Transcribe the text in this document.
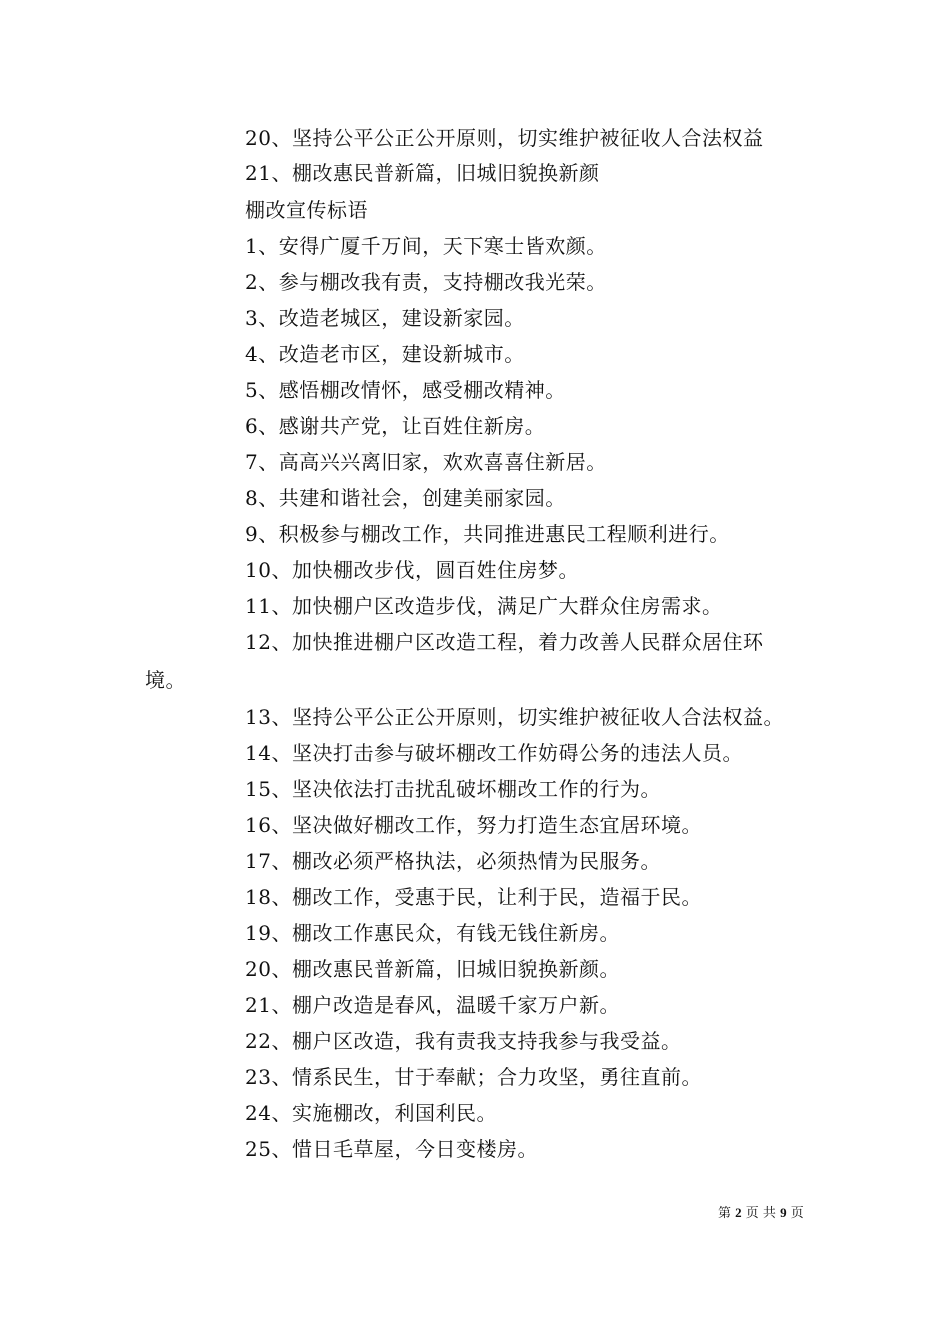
20、坚持公平公正公开原则，切实维护被征收人合法权益
21、棚改惠民普新篇，旧城旧貌换新颜
棚改宣传标语
1、安得广厦千万间，天下寒士皆欢颜。
2、参与棚改我有责，支持棚改我光荣。
3、改造老城区，建设新家园。
4、改造老市区，建设新城市。
5、感悟棚改情怀，感受棚改精神。
6、感谢共产党，让百姓住新房。
7、高高兴兴离旧家，欢欢喜喜住新居。
8、共建和谐社会，创建美丽家园。
9、积极参与棚改工作，共同推进惠民工程顺利进行。
10、加快棚改步伐，圆百姓住房梦。
11、加快棚户区改造步伐，满足广大群众住房需求。
12、加快推进棚户区改造工程，着力改善人民群众居住环
境。
13、坚持公平公正公开原则，切实维护被征收人合法权益。
14、坚决打击参与破坏棚改工作妨碍公务的违法人员。
15、坚决依法打击扰乱破坏棚改工作的行为。
16、坚决做好棚改工作，努力打造生态宜居环境。
17、棚改必须严格执法，必须热情为民服务。
18、棚改工作，受惠于民，让利于民，造福于民。
19、棚改工作惠民众，有钱无钱住新房。
20、棚改惠民普新篇，旧城旧貌换新颜。
21、棚户改造是春风，温暖千家万户新。
22、棚户区改造，我有责我支持我参与我受益。
23、情系民生，甘于奉献；合力攻坚，勇往直前。
24、实施棚改，利国利民。
25、惜日毛草屋，今日变楼房。
第 2 页 共 9 页
